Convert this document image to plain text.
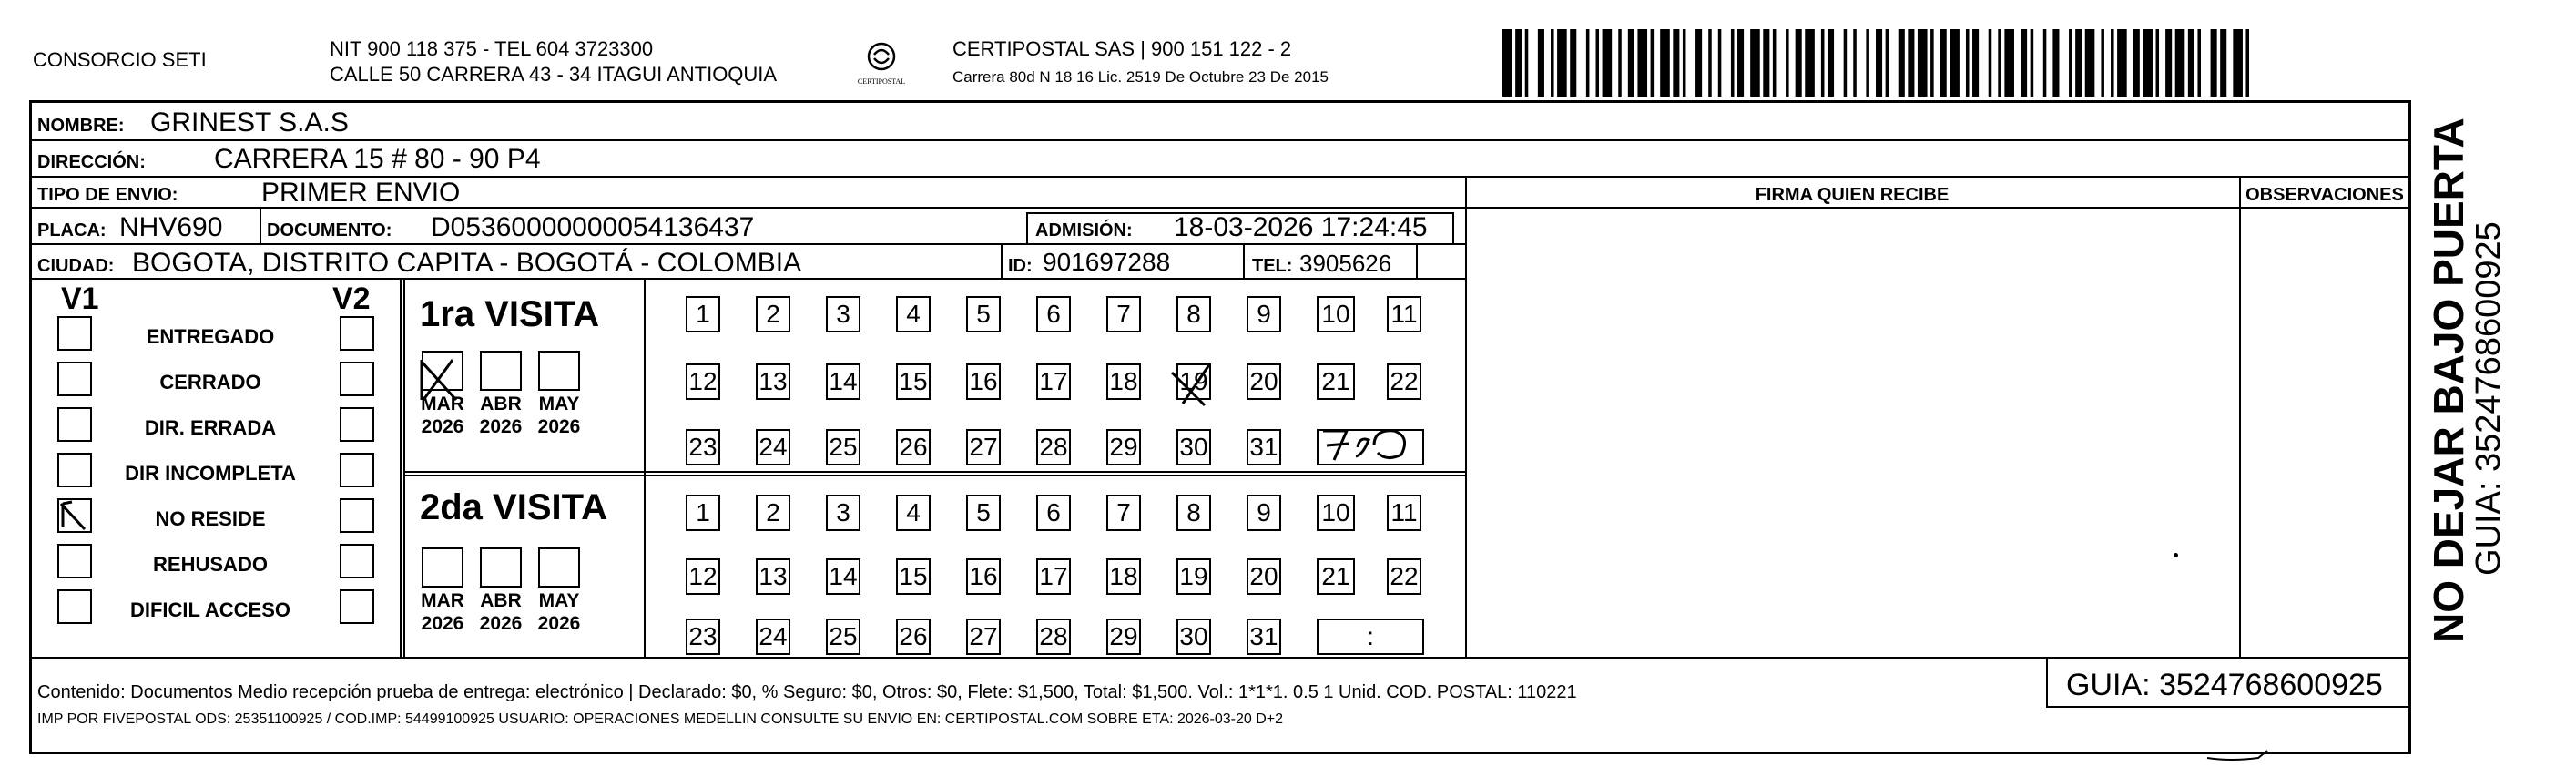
CONSORCIO SETI	NIT 900 118 375 - TEL 604 3723300
CALLE 50 CARRERA 43 - 34 ITAGUI ANTIOQUIA	CERTIPOSTAL
CERTIPOSTAL SAS | 900 151 122 - 2
Carrera 80d N 18 16 Lic. 2519 De Octubre 23 De 2015
NOMBRE: GRINEST S.A.S
DIRECCIÓN:	CARRERA 15 # 80 - 90 P4
TIPO DE ENVIO:	PRIMER ENVIO	FIRMA QUIEN RECIBE	OBSERVACIONES
PLACA: NHV690 DOCUMENTO: D05360000000054136437	ADMISIÓN: 18-03-2026 17:24:45
CIUDAD: BOGOTA, DISTRITO CAPITA - BOGOTÁ - COLOMBIA	ID: 901697288	TEL: 3905626
V1	V2
ENTREGADO
CERRADO
DIR. ERRADA
DIR INCOMPLETA
NO RESIDE
REHUSADO
DIFICIL ACCESO
1ra VISITA
2da VISITA
MAR
2026
ABR
2026
MAY
2026
MAR
2026
ABR
2026
MAY
2026
1	2	3	4	5	6	7	8	9	10 11
12 13 14 15 16 17 18 19 20 21 22
23 24 25 26 27 28 29 30 31
1	2	3	4	5	6	7	8	9	10 11
12 13 14 15 16 17 18 19 20 21 22
23 24 25 26 27 28 29 30 31	:
Contenido: Documentos Medio recepción prueba de entrega: electrónico | Declarado: $0, % Seguro: $0, Otros: $0, Flete: $1,500, Total: $1,500. Vol.: 1*1*1. 0.5 1 Unid. COD. POSTAL: 110221
IMP POR FIVEPOSTAL ODS: 25351100925 / COD.IMP: 54499100925 USUARIO: OPERACIONES MEDELLIN CONSULTE SU ENVIO EN: CERTIPOSTAL.COM SOBRE ETA: 2026-03-20 D+2
GUIA: 3524768600925
NO DEJAR BAJO PUERTA
GUIA: 3524768600925
